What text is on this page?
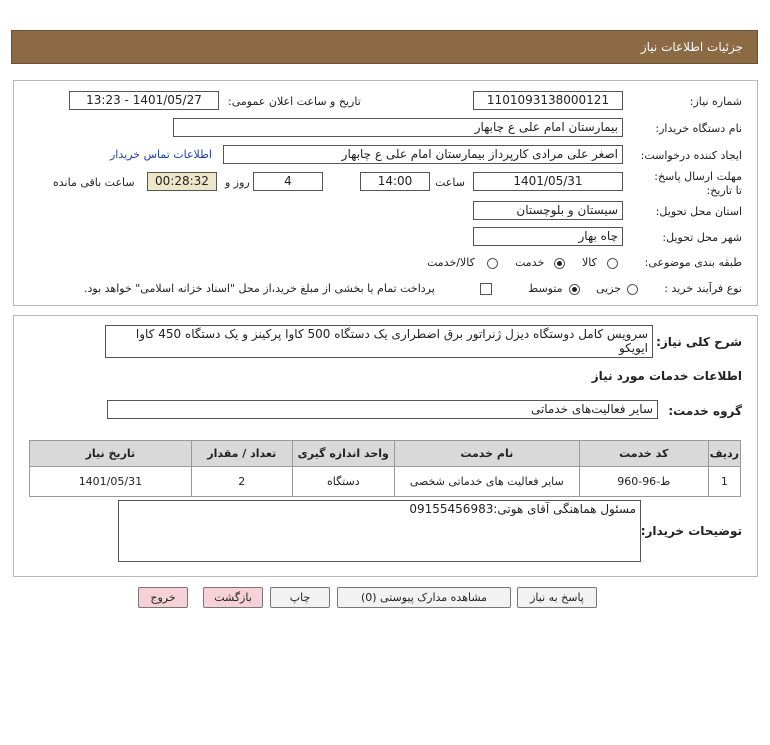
جزئیات اطلاعات نیاز
شماره نیاز:
1101093138000121
تاریخ و ساعت اعلان عمومی:
1401/05/27 - 13:23
نام دستگاه خریدار:
بیمارستان امام علی ع چابهار
ایجاد کننده درخواست:
اصغر علی مرادی کارپرداز بیمارستان امام علی ع چابهار
اطلاعات تماس خریدار
مهلت ارسال پاسخ: تا تاریخ:
1401/05/31
ساعت
14:00
4
روز و
00:28:32
ساعت باقی مانده
استان محل تحویل:
سیستان و بلوچستان
شهر محل تحویل:
چاه بهار
طبقه بندی موضوعی:
کالا
خدمت
کالا/خدمت
نوع فرآیند خرید :
جزیی
متوسط
پرداخت تمام یا بخشی از مبلغ خرید،از محل "اسناد خزانه اسلامی" خواهد بود.
شرح کلی نیاز:
سرویس کامل دوستگاه دیزل ژنراتور برق اضطراری یک دستگاه 500 کاوا پرکینز و یک دستگاه 450 کاوا ایویکو
اطلاعات خدمات مورد نیاز
گروه خدمت:
سایر فعالیت‌های خدماتی
ردیف	کد خدمت	نام خدمت	واحد اندازه گیری	تعداد / مقدار	تاریخ نیاز
1	ط-96-960	سایر فعالیت های خدماتی شخصی	دستگاه	2	1401/05/31
توضیحات خریدار:
مسئول هماهنگی آقای هوتی:09155456983
پاسخ به نیاز
مشاهده مدارک پیوستی (0)
چاپ
بازگشت
خروج
